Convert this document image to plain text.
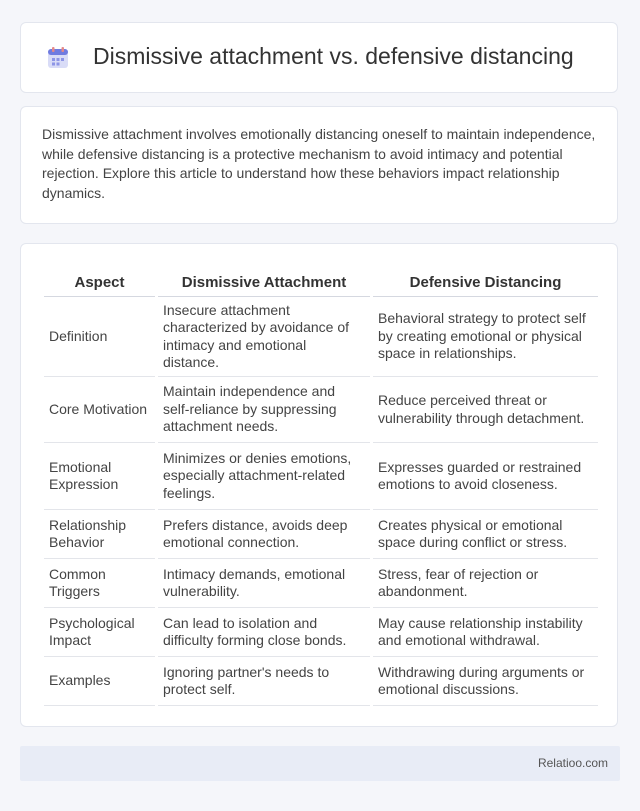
Dismissive attachment vs. defensive distancing

Dismissive attachment involves emotionally distancing oneself to maintain independence, while defensive distancing is a protective mechanism to avoid intimacy and potential rejection. Explore this article to understand how these behaviors impact relationship dynamics.

Aspect	Dismissive Attachment	Defensive Distancing
Definition	Insecure attachment characterized by avoidance of intimacy and emotional distance.	Behavioral strategy to protect self by creating emotional or physical space in relationships.
Core Motivation	Maintain independence and self-reliance by suppressing attachment needs.	Reduce perceived threat or vulnerability through detachment.
Emotional Expression	Minimizes or denies emotions, especially attachment-related feelings.	Expresses guarded or restrained emotions to avoid closeness.
Relationship Behavior	Prefers distance, avoids deep emotional connection.	Creates physical or emotional space during conflict or stress.
Common Triggers	Intimacy demands, emotional vulnerability.	Stress, fear of rejection or abandonment.
Psychological Impact	Can lead to isolation and difficulty forming close bonds.	May cause relationship instability and emotional withdrawal.
Examples	Ignoring partner's needs to protect self.	Withdrawing during arguments or emotional discussions.
Relatioo.com
